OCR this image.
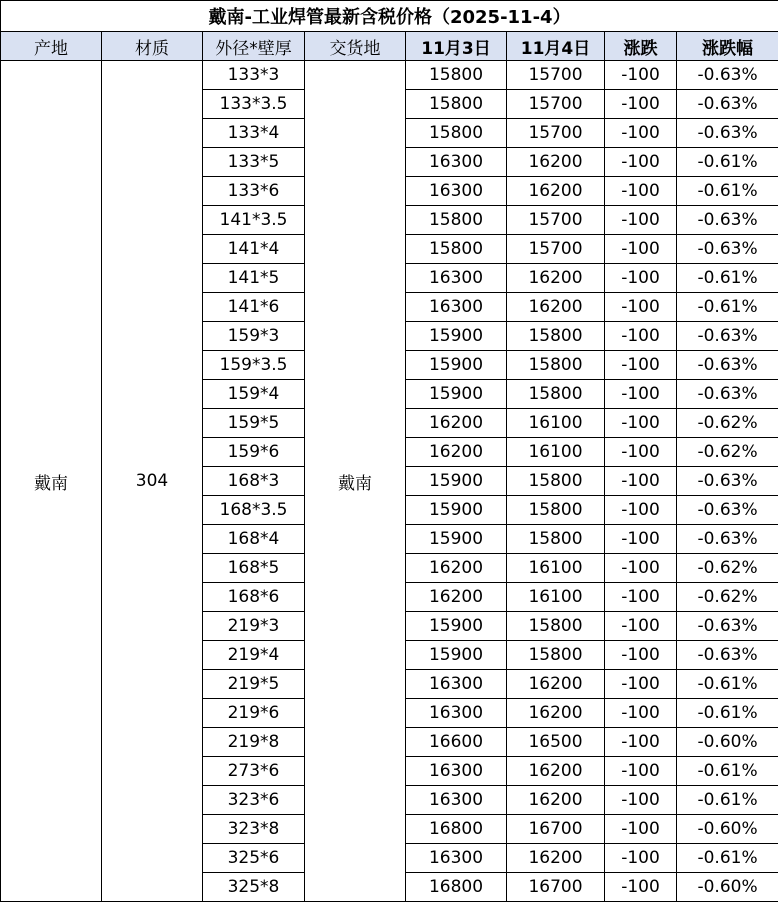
戴南-工业焊管最新含税价格（2025-11-4）							
产地	材质	外径*壁厚	交货地	11月3日	11月4日	涨跌	涨跌幅
戴南	304	133*3	戴南	15800	15700	-100	-0.63%
		133*3.5		15800	15700	-100	-0.63%
		133*4		15800	15700	-100	-0.63%
		133*5		16300	16200	-100	-0.61%
		133*6		16300	16200	-100	-0.61%
		141*3.5		15800	15700	-100	-0.63%
		141*4		15800	15700	-100	-0.63%
		141*5		16300	16200	-100	-0.61%
		141*6		16300	16200	-100	-0.61%
		159*3		15900	15800	-100	-0.63%
		159*3.5		15900	15800	-100	-0.63%
		159*4		15900	15800	-100	-0.63%
		159*5		16200	16100	-100	-0.62%
		159*6		16200	16100	-100	-0.62%
		168*3		15900	15800	-100	-0.63%
		168*3.5		15900	15800	-100	-0.63%
		168*4		15900	15800	-100	-0.63%
		168*5		16200	16100	-100	-0.62%
		168*6		16200	16100	-100	-0.62%
		219*3		15900	15800	-100	-0.63%
		219*4		15900	15800	-100	-0.63%
		219*5		16300	16200	-100	-0.61%
		219*6		16300	16200	-100	-0.61%
		219*8		16600	16500	-100	-0.60%
		273*6		16300	16200	-100	-0.61%
		323*6		16300	16200	-100	-0.61%
		323*8		16800	16700	-100	-0.60%
		325*6		16300	16200	-100	-0.61%
		325*8		16800	16700	-100	-0.60%
